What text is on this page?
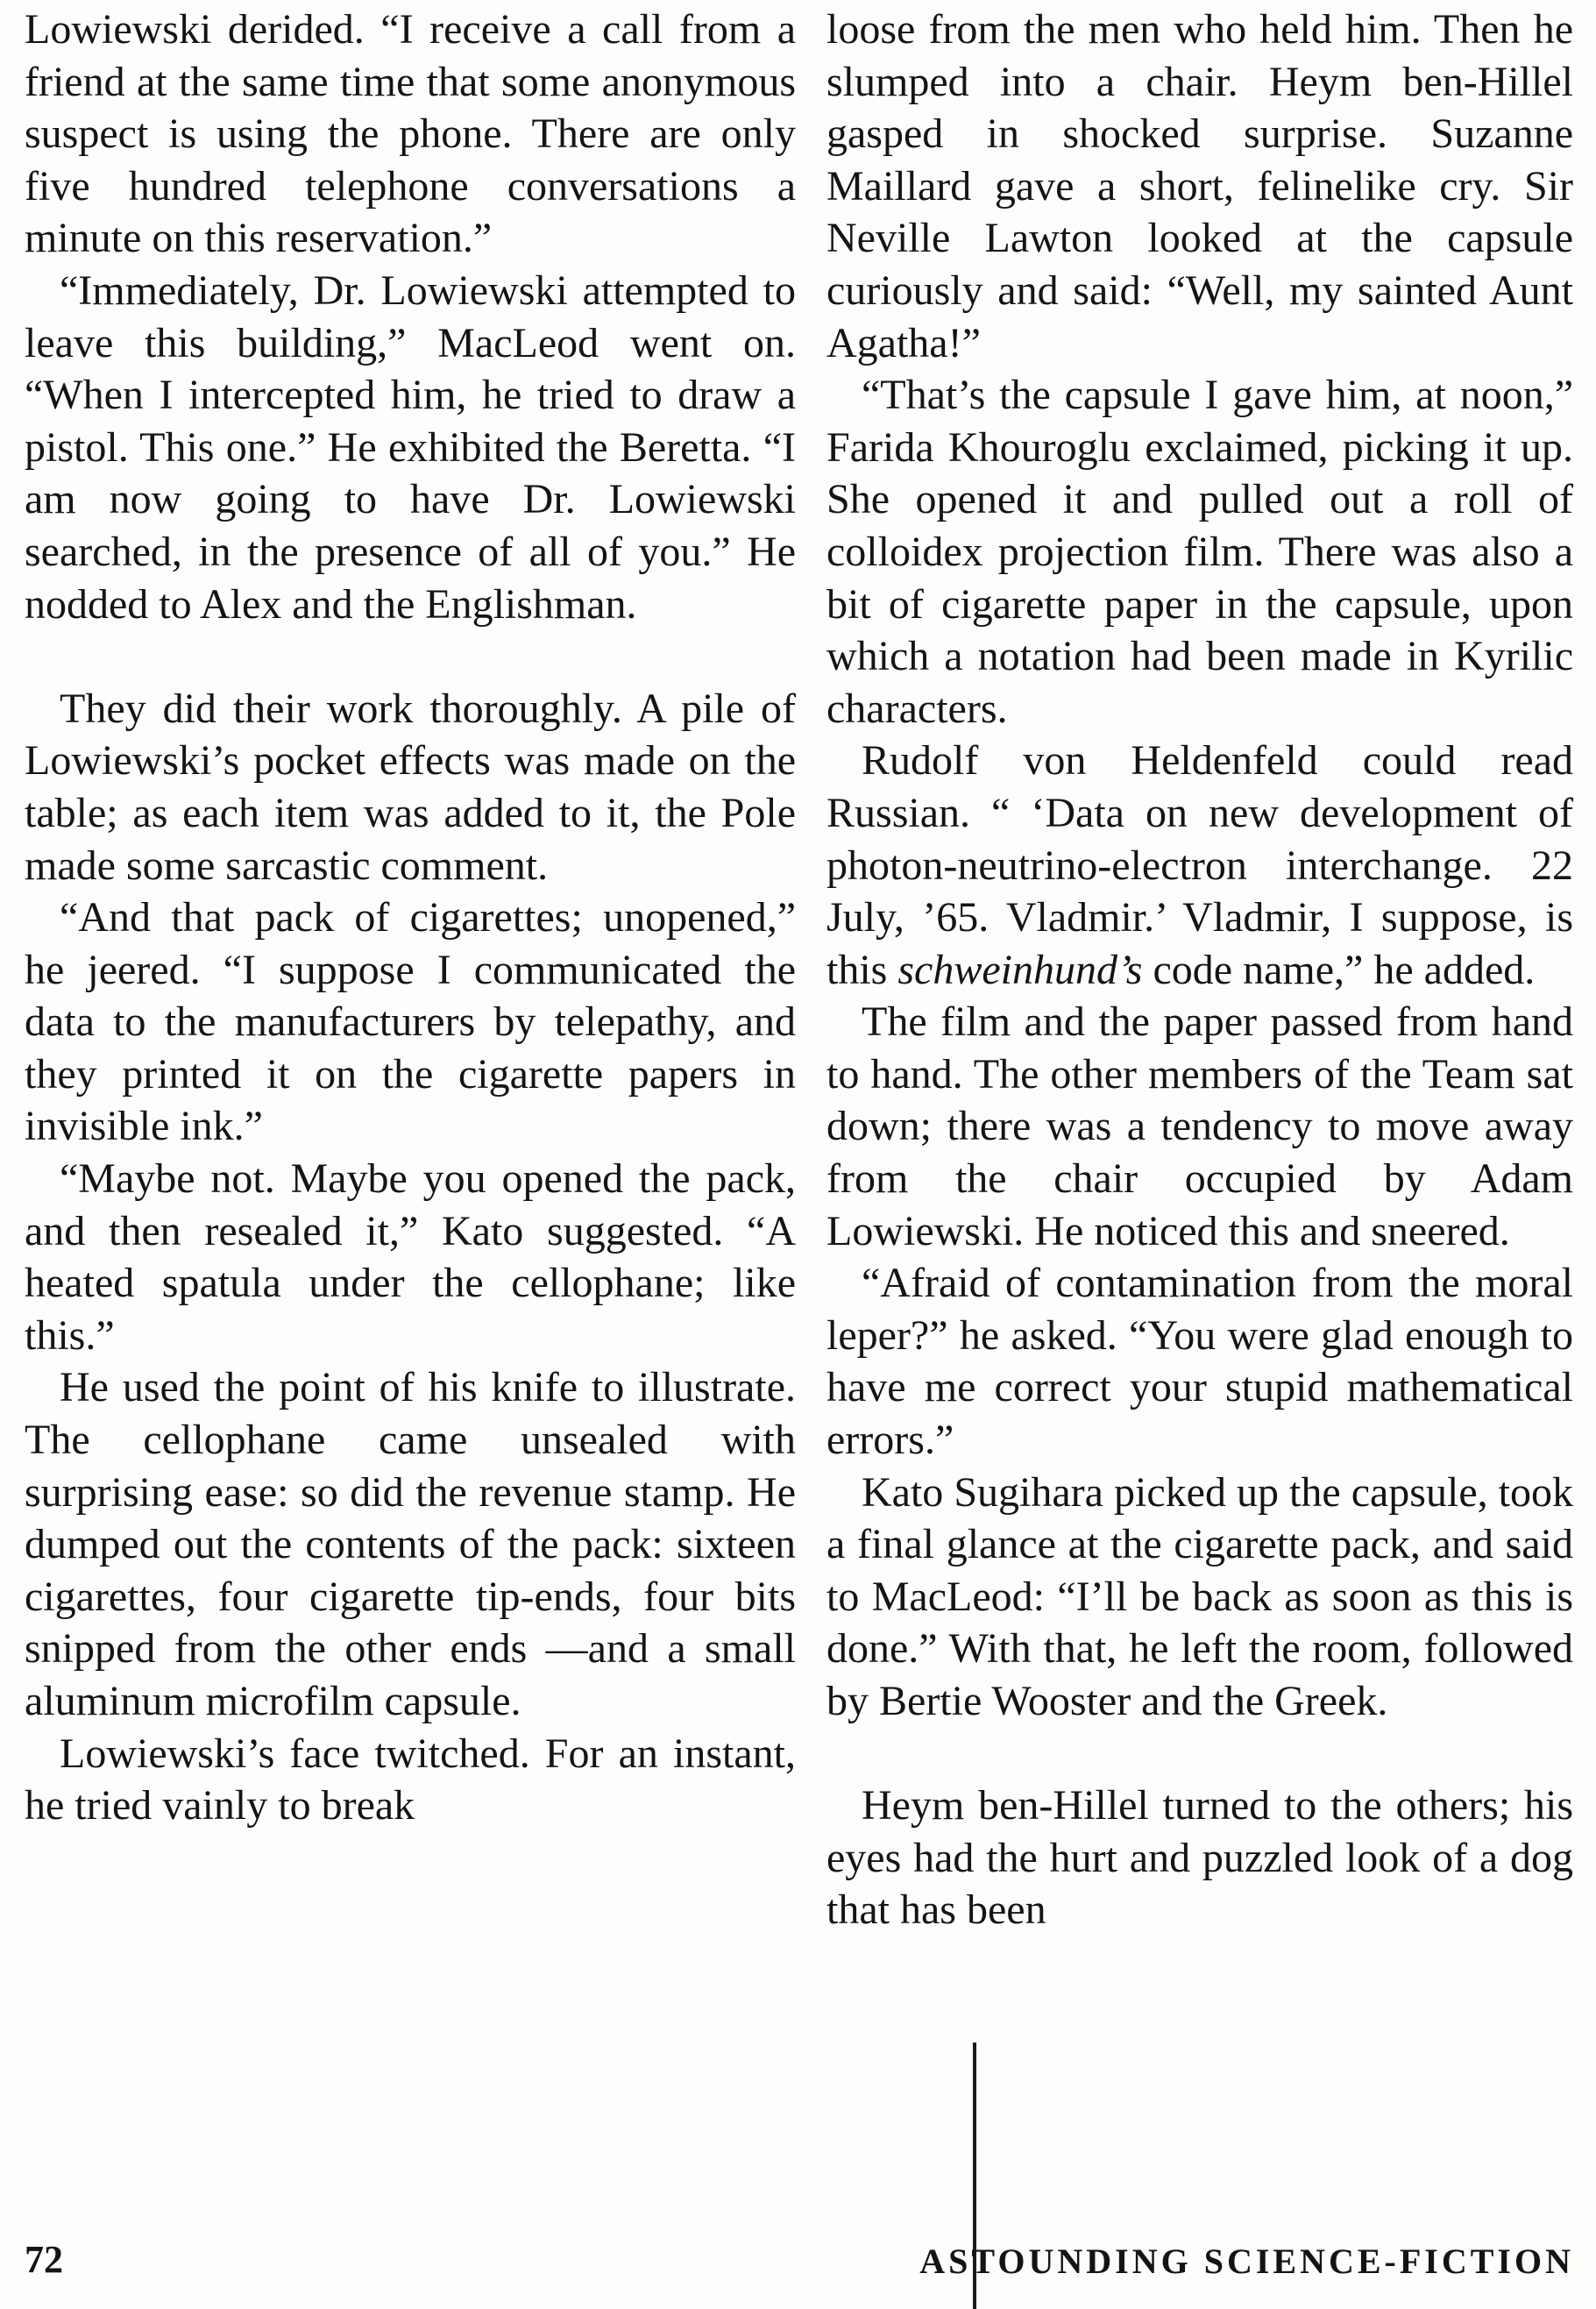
Lowiewski derided. “I receive a call from a friend at the same time that some anonymous suspect is using the phone. There are only five hundred telephone conversations a minute on this reservation.”

“Immediately, Dr. Lowiewski attempted to leave this building,” MacLeod went on. “When I intercepted him, he tried to draw a pistol. This one.” He exhibited the Beretta. “I am now going to have Dr. Lowiewski searched, in the presence of all of you.” He nodded to Alex and the Englishman.

They did their work thoroughly. A pile of Lowiewski’s pocket effects was made on the table; as each item was added to it, the Pole made some sarcastic comment.

“And that pack of cigarettes; unopened,” he jeered. “I suppose I communicated the data to the manufacturers by telepathy, and they printed it on the cigarette papers in invisible ink.”

“Maybe not. Maybe you opened the pack, and then resealed it,” Kato suggested. “A heated spatula under the cellophane; like this.”

He used the point of his knife to illustrate. The cellophane came unsealed with surprising ease: so did the revenue stamp. He dumped out the contents of the pack: sixteen cigarettes, four cigarette tip-ends, four bits snipped from the other ends —and a small aluminum microfilm capsule.

Lowiewski’s face twitched. For an instant, he tried vainly to break

loose from the men who held him. Then he slumped into a chair. Heym ben-Hillel gasped in shocked surprise. Suzanne Maillard gave a short, felinelike cry. Sir Neville Lawton looked at the capsule curiously and said: “Well, my sainted Aunt Agatha!”

“That’s the capsule I gave him, at noon,” Farida Khouroglu exclaimed, picking it up. She opened it and pulled out a roll of colloidex projection film. There was also a bit of cigarette paper in the capsule, upon which a notation had been made in Kyrilic characters.

Rudolf von Heldenfeld could read Russian. “ ‘Data on new development of photon-neutrino-electron interchange. 22 July, ’65. Vladmir.’ Vladmir, I suppose, is this schweinhund’s code name,” he added.

The film and the paper passed from hand to hand. The other members of the Team sat down; there was a tendency to move away from the chair occupied by Adam Lowiewski. He noticed this and sneered.

“Afraid of contamination from the moral leper?” he asked. “You were glad enough to have me correct your stupid mathematical errors.”

Kato Sugihara picked up the capsule, took a final glance at the cigarette pack, and said to MacLeod: “I’ll be back as soon as this is done.” With that, he left the room, followed by Bertie Wooster and the Greek.

Heym ben-Hillel turned to the others; his eyes had the hurt and puzzled look of a dog that has been

72	ASTOUNDING SCIENCE-FICTION
